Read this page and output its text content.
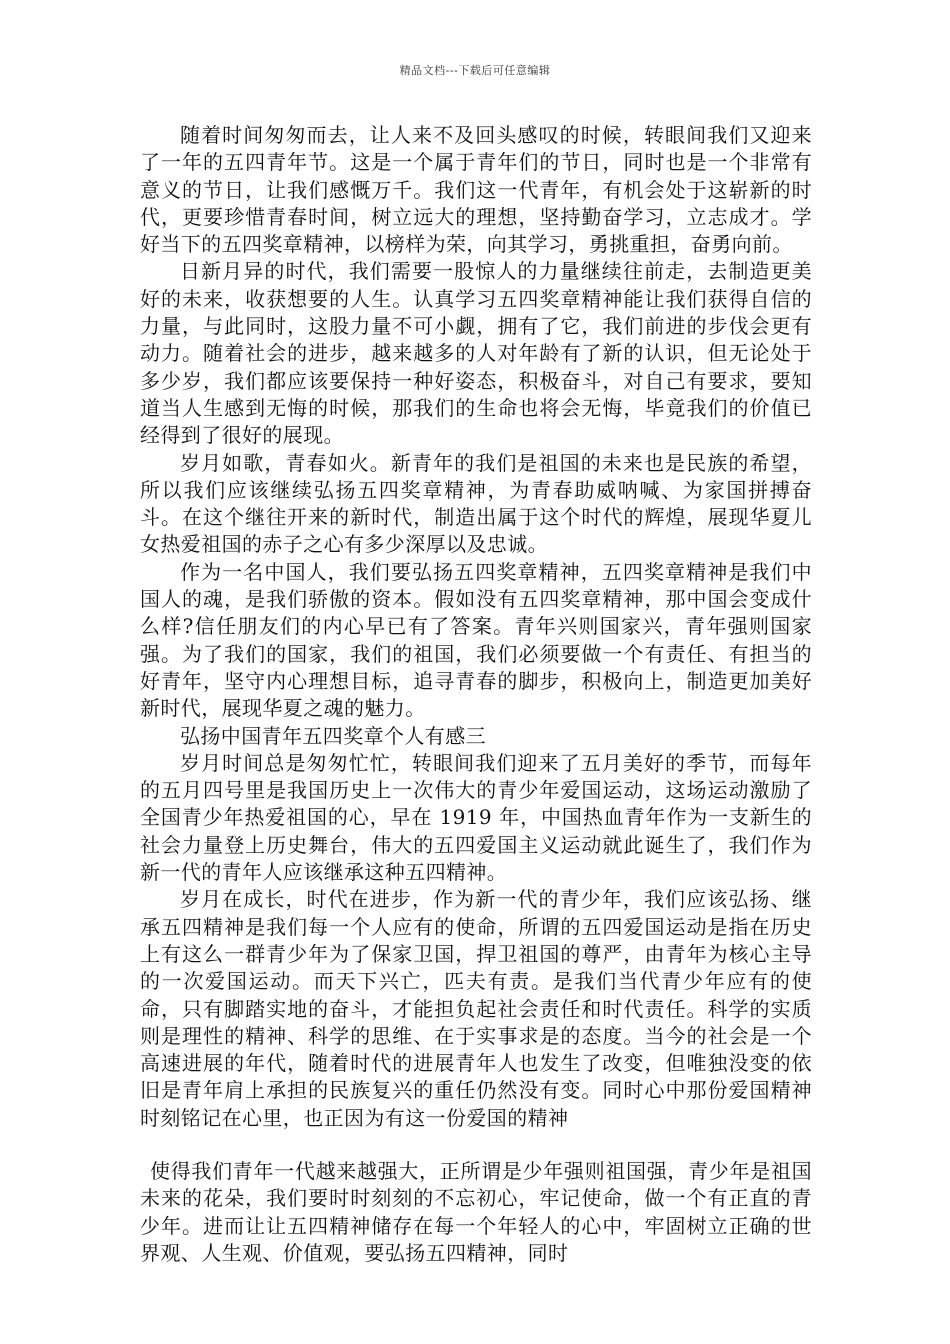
精品文档---下载后可任意编辑

随着时间匆匆而去，让人来不及回头感叹的时候，转眼间我们又迎来了一年的五四青年节。这是一个属于青年们的节日，同时也是一个非常有意义的节日，让我们感慨万千。我们这一代青年，有机会处于这崭新的时代，更要珍惜青春时间，树立远大的理想，坚持勤奋学习，立志成才。学好当下的五四奖章精神，以榜样为荣，向其学习，勇挑重担，奋勇向前。

日新月异的时代，我们需要一股惊人的力量继续往前走，去制造更美好的未来，收获想要的人生。认真学习五四奖章精神能让我们获得自信的力量，与此同时，这股力量不可小觑，拥有了它，我们前进的步伐会更有动力。随着社会的进步，越来越多的人对年龄有了新的认识，但无论处于多少岁，我们都应该要保持一种好姿态，积极奋斗，对自己有要求，要知道当人生感到无悔的时候，那我们的生命也将会无悔，毕竟我们的价值已经得到了很好的展现。

岁月如歌，青春如火。新青年的我们是祖国的未来也是民族的希望，所以我们应该继续弘扬五四奖章精神，为青春助威呐喊、为家国拼搏奋斗。在这个继往开来的新时代，制造出属于这个时代的辉煌，展现华夏儿女热爱祖国的赤子之心有多少深厚以及忠诚。

作为一名中国人，我们要弘扬五四奖章精神，五四奖章精神是我们中国人的魂，是我们骄傲的资本。假如没有五四奖章精神，那中国会变成什么样?信任朋友们的内心早已有了答案。青年兴则国家兴，青年强则国家强。为了我们的国家，我们的祖国，我们必须要做一个有责任、有担当的好青年，坚守内心理想目标，追寻青春的脚步，积极向上，制造更加美好新时代，展现华夏之魂的魅力。

弘扬中国青年五四奖章个人有感三

岁月时间总是匆匆忙忙，转眼间我们迎来了五月美好的季节，而每年的五月四号里是我国历史上一次伟大的青少年爱国运动，这场运动激励了全国青少年热爱祖国的心，早在 1919 年，中国热血青年作为一支新生的社会力量登上历史舞台，伟大的五四爱国主义运动就此诞生了，我们作为新一代的青年人应该继承这种五四精神。

岁月在成长，时代在进步，作为新一代的青少年，我们应该弘扬、继承五四精神是我们每一个人应有的使命，所谓的五四爱国运动是指在历史上有这么一群青少年为了保家卫国，捍卫祖国的尊严，由青年为核心主导的一次爱国运动。而天下兴亡，匹夫有责。是我们当代青少年应有的使命，只有脚踏实地的奋斗，才能担负起社会责任和时代责任。科学的实质则是理性的精神、科学的思维、在于实事求是的态度。当今的社会是一个高速进展的年代，随着时代的进展青年人也发生了改变，但唯独没变的依旧是青年肩上承担的民族复兴的重任仍然没有变。同时心中那份爱国精神时刻铭记在心里，也正因为有这一份爱国的精神

使得我们青年一代越来越强大，正所谓是少年强则祖国强，青少年是祖国未来的花朵，我们要时时刻刻的不忘初心，牢记使命，做一个有正直的青少年。进而让让五四精神储存在每一个年轻人的心中，牢固树立正确的世界观、人生观、价值观，要弘扬五四精神，同时
